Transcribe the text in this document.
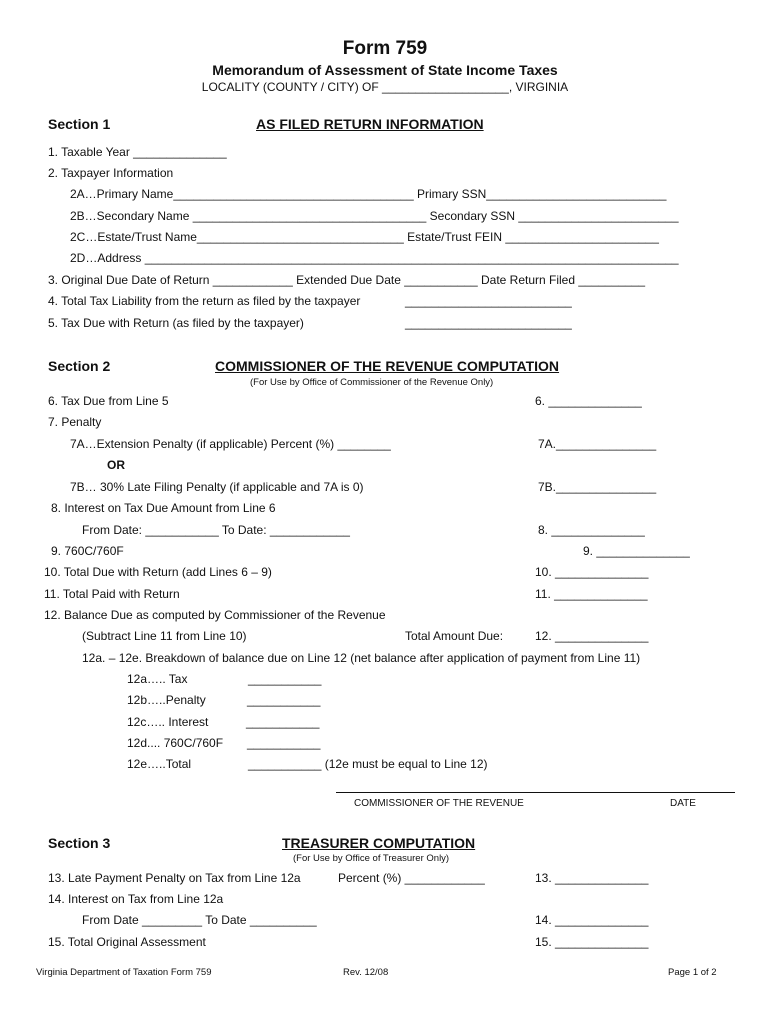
Form 759
Memorandum of Assessment of State Income Taxes
LOCALITY (COUNTY / CITY) OF ___________________, VIRGINIA
Section 1	AS FILED RETURN INFORMATION
1. Taxable Year ______________
2. Taxpayer Information
2A…Primary Name____________________________________ Primary SSN___________________________
2B…Secondary Name ___________________________________ Secondary SSN ________________________
2C…Estate/Trust Name_______________________________ Estate/Trust FEIN _______________________
2D…Address ________________________________________________________________________________
3. Original Due Date of Return ____________ Extended Due Date ___________ Date Return Filed __________
4. Total Tax Liability from the return as filed by the taxpayer	_________________________
5. Tax Due with Return (as filed by the taxpayer)	_________________________
Section 2	COMMISSIONER OF THE REVENUE COMPUTATION
(For Use by Office of Commissioner of the Revenue Only)
6. Tax Due from Line 5	6. ______________
7. Penalty
7A…Extension Penalty (if applicable) Percent (%) ________	7A._______________
OR
7B… 30% Late Filing Penalty (if applicable and 7A is 0)	7B._______________
8. Interest on Tax Due Amount from Line 6
From Date: ___________ To Date: ____________	8. ______________
9. 760C/760F	9. ______________
10. Total Due with Return (add Lines 6 – 9)	10. ______________
11. Total Paid with Return	11. ______________
12. Balance Due as computed by Commissioner of the Revenue
(Subtract Line 11 from Line 10)	Total Amount Due:	12. ______________
12a. – 12e. Breakdown of balance due on Line 12 (net balance after application of payment from Line 11)
12a….. Tax	___________
12b…..Penalty	___________
12c….. Interest	___________
12d.... 760C/760F ___________
12e…..Total	___________ (12e must be equal to Line 12)
COMMISSIONER OF THE REVENUE	DATE
Section 3	TREASURER COMPUTATION
(For Use by Office of Treasurer Only)
13. Late Payment Penalty on Tax from Line 12a	Percent (%) ____________	13. ______________
14. Interest on Tax from Line 12a
From Date _________ To Date __________	14. ______________
15. Total Original Assessment	15. ______________
Virginia Department of Taxation Form 759	Rev. 12/08	Page 1 of 2
